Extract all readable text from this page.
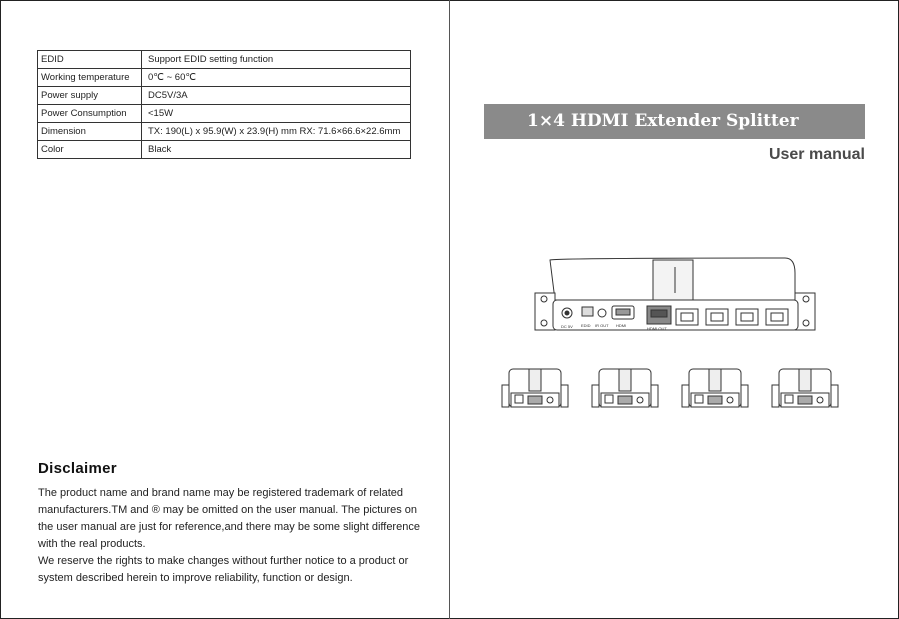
EDID	Support EDID setting function
Working temperature	0℃ ~ 60℃
Power supply	DC5V/3A
Power Consumption	<15W
Dimension	TX: 190(L) x 95.9(W) x 23.9(H) mm RX: 71.6×66.6×22.6mm
Color	Black
Disclaimer

The product name and brand name may be registered trademark of related manufacturers.TM and ® may be omitted on the user manual. The pictures on the user manual are just for reference,and there may be some slight difference with the real products.

We reserve the rights to make changes without further notice to a product or system described herein to improve reliability, function or design.

1×4 HDMI Extender Splitter
User manual
DC 5V EDID IR OUT HDMI
HDMI OUT
